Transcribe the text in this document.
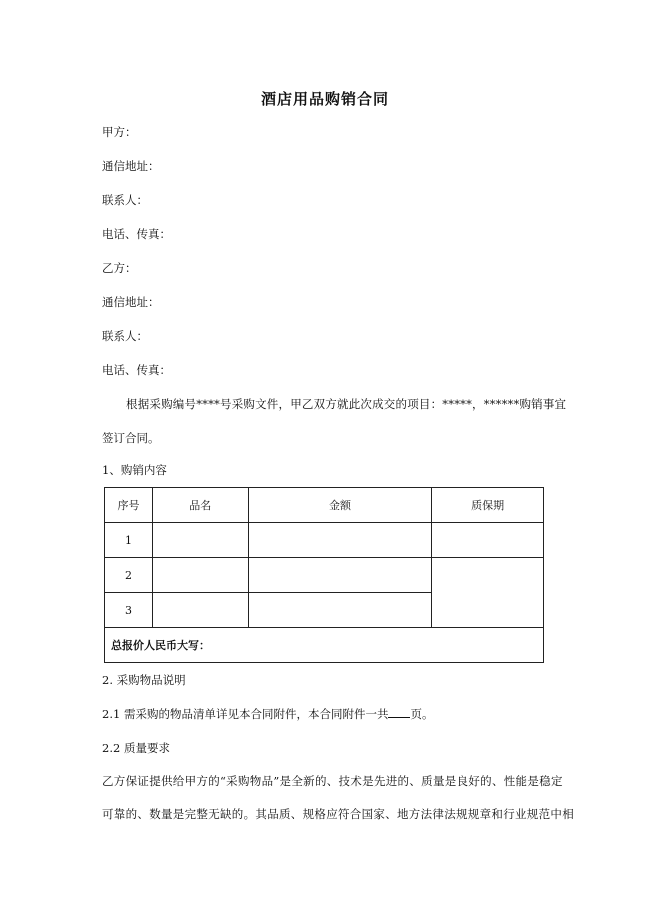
酒店用品购销合同
甲方：
通信地址：
联系人：
电话、传真：
乙方：
通信地址：
联系人：
电话、传真：
根据采购编号****号采购文件，甲乙双方就此次成交的项目：*****，******购销事宜
签订合同。
1、购销内容
序号	品名	金额	质保期
1			
2			
3			
总报价人民币大写：			
2. 采购物品说明
2.1 需采购的物品清单详见本合同附件，本合同附件一共 页。
2.2 质量要求
乙方保证提供给甲方的“采购物品”是全新的、技术是先进的、质量是良好的、性能是稳定
可靠的、数量是完整无缺的。其品质、规格应符合国家、地方法律法规规章和行业规范中相
